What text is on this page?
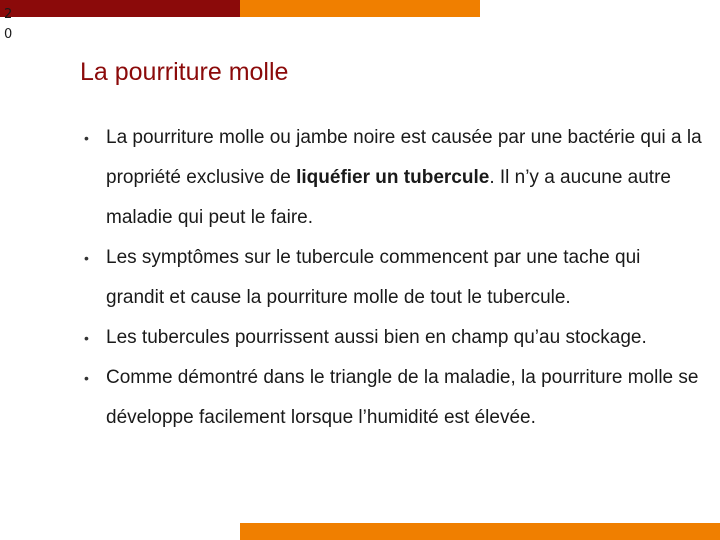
2
0
La pourriture molle
• La pourriture molle ou jambe noire est causée par une bactérie qui a la propriété exclusive de liquéfier un tubercule. Il n’y a aucune autre maladie qui peut le faire.
• Les symptômes sur le tubercule commencent par une tache qui grandit et cause la pourriture molle de tout le tubercule.
• Les tubercules pourrissent aussi bien en champ qu’au stockage.
• Comme démontré dans le triangle de la maladie, la pourriture molle se développe facilement lorsque l’humidité est élevée.
